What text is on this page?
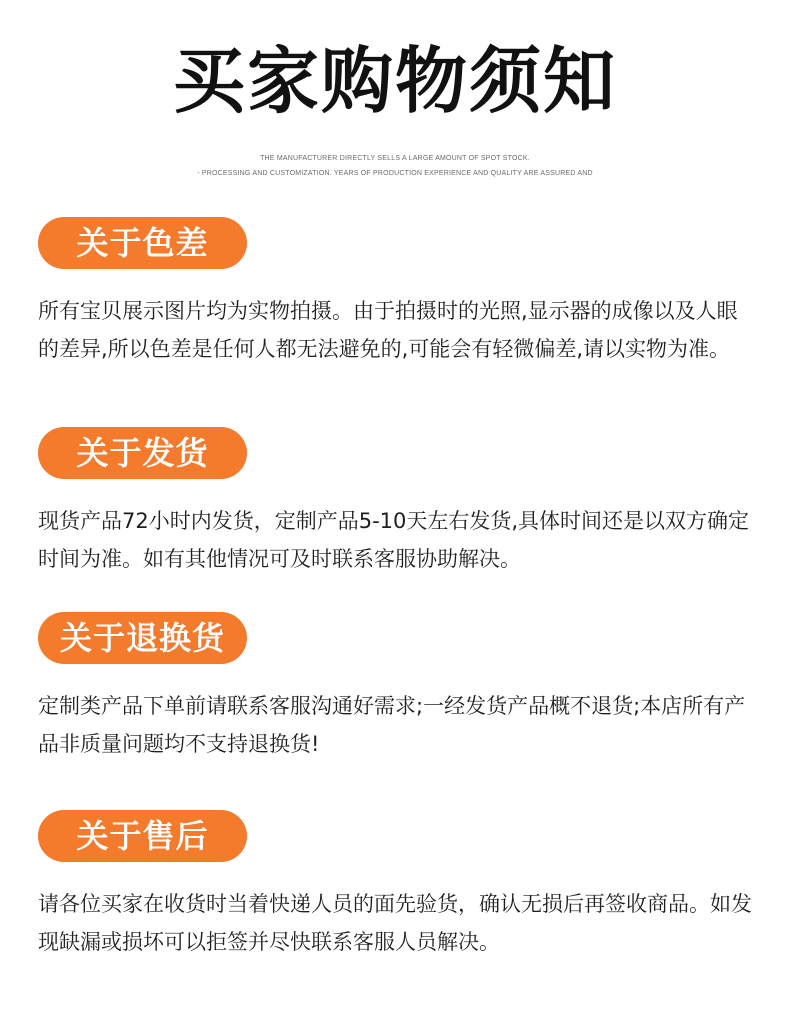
买家购物须知
THE MANUFACTURER DIRECTLY SELLS A LARGE AMOUNT OF SPOT STOCK.
- PROCESSING AND CUSTOMIZATION. YEARS OF PRODUCTION EXPERIENCE AND QUALITY ARE ASSURED AND
关于色差
所有宝贝展示图片均为实物拍摄。由于拍摄时的光照,显示器的成像以及人眼的差异,所以色差是任何人都无法避免的,可能会有轻微偏差,请以实物为准。
关于发货
现货产品72小时内发货，定制产品5-10天左右发货,具体时间还是以双方确定时间为准。如有其他情况可及时联系客服协助解决。
关于退换货
定制类产品下单前请联系客服沟通好需求;一经发货产品概不退货;本店所有产品非质量问题均不支持退换货!
关于售后
请各位买家在收货时当着快递人员的面先验货，确认无损后再签收商品。如发现缺漏或损坏可以拒签并尽快联系客服人员解决。
